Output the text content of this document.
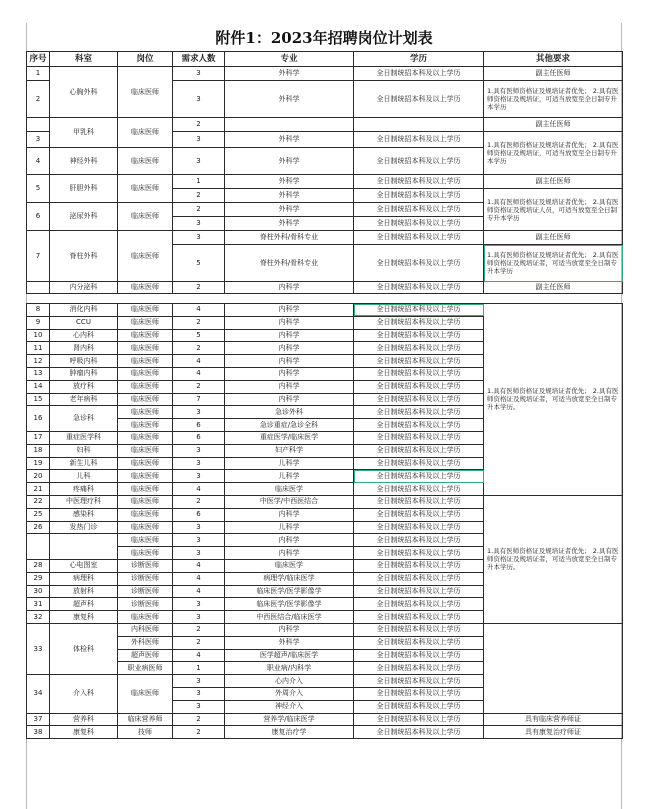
附件1：2023年招聘岗位计划表
序号	科室	岗位	需求人数	专业	学历	其他要求
1	心胸外科	临床医师	3	外科学	全日制统招本科及以上学历	副主任医师
2			3	外科学	全日制统招本科及以上学历	1.具有医师资格证及规培证者优先； 2.具有医师资格证及规培证，可适当放宽至全日制专升本学历
	甲乳科	临床医师	2			副主任医师
3			3	外科学	全日制统招本科及以上学历	1.具有医师资格证及规培证者优先； 2.具有医师资格证及规培证，可适当放宽至全日制专升本学历
4	神经外科	临床医师	3	外科学	全日制统招本科及以上学历	
5	肝胆外科	临床医师	1	外科学	全日制统招本科及以上学历	副主任医师
			2	外科学	全日制统招本科及以上学历	1.具有医师资格证及规培证者优先； 2.具有医师资格证及规培证人员，可适当放宽至全日制专升本学历
6	泌尿外科	临床医师	2	外科学	全日制统招本科及以上学历	
			3	外科学	全日制统招本科及以上学历	
7	脊柱外科	临床医师	3	脊柱外科/骨科专业	全日制统招本科及以上学历	副主任医师
			5	脊柱外科/骨科专业	全日制统招本科及以上学历	1.具有医师资格证及规培证者优先； 2.具有医师资格证及规培证者，可适当放宽至全日制专升本学历
	内分泌科	临床医师	2	内科学	全日制统招本科及以上学历	副主任医师

8	消化内科	临床医师	4	内科学	全日制统招本科及以上学历	1.具有医师资格证及规培证者优先； 2.具有医师资格证及规培证者，可适当放宽至全日制专升本学历。
9	CCU	临床医师	2	内科学	全日制统招本科及以上学历	
10	心内科	临床医师	5	内科学	全日制统招本科及以上学历	
11	肾内科	临床医师	2	内科学	全日制统招本科及以上学历	
12	呼吸内科	临床医师	4	内科学	全日制统招本科及以上学历	
13	肿瘤内科	临床医师	4	内科学	全日制统招本科及以上学历	
14	放疗科	临床医师	2	内科学	全日制统招本科及以上学历	
15	老年病科	临床医师	7	内科学	全日制统招本科及以上学历	
16	急诊科	临床医师	3	急诊外科	全日制统招本科及以上学历	
		临床医师	6	急诊重症/急诊全科	全日制统招本科及以上学历	
17	重症医学科	临床医师	6	重症医学/临床医学	全日制统招本科及以上学历	
18	妇科	临床医师	3	妇产科学	全日制统招本科及以上学历	
19	新生儿科	临床医师	3	儿科学	全日制统招本科及以上学历	
20	儿科	临床医师	3	儿科学	全日制统招本科及以上学历	
21	疼痛科	临床医师	4	临床医学	全日制统招本科及以上学历	
22	中医理疗科	临床医师	2	中医学/中西医结合	全日制统招本科及以上学历	1.具有医师资格证及规培证者优先； 2.具有医师资格证及规培证者，可适当放宽至全日制专升本学历。
25	感染科	临床医师	6	内科学	全日制统招本科及以上学历	
26	发热门诊	临床医师	3	儿科学	全日制统招本科及以上学历	
		临床医师	3	内科学	全日制统招本科及以上学历	
		临床医师	3	内科学	全日制统招本科及以上学历	
28	心电图室	诊断医师	4	临床医学	全日制统招本科及以上学历	
29	病理科	诊断医师	4	病理学/临床医学	全日制统招本科及以上学历	
30	放射科	诊断医师	4	临床医学/医学影像学	全日制统招本科及以上学历	
31	超声科	诊断医师	3	临床医学/医学影像学	全日制统招本科及以上学历	
32	康复科	临床医师	3	中西医结合/临床医学	全日制统招本科及以上学历	
33	体检科	内科医师	2	内科学	全日制统招本科及以上学历	
		外科医师	2	外科学	全日制统招本科及以上学历	
		超声医师	4	医学超声/临床医学	全日制统招本科及以上学历	
		职业病医师	1	职业病/内科学	全日制统招本科及以上学历	
34	介入科	临床医师	3	心内介入	全日制统招本科及以上学历	
			3	外周介入	全日制统招本科及以上学历	
			3	神经介入	全日制统招本科及以上学历	
37	营养科	临床营养师	2	营养学/临床医学	全日制统招本科及以上学历	具有临床营养师证
38	康复科	技师	2	康复治疗学	全日制统招本科及以上学历	具有康复治疗师证
